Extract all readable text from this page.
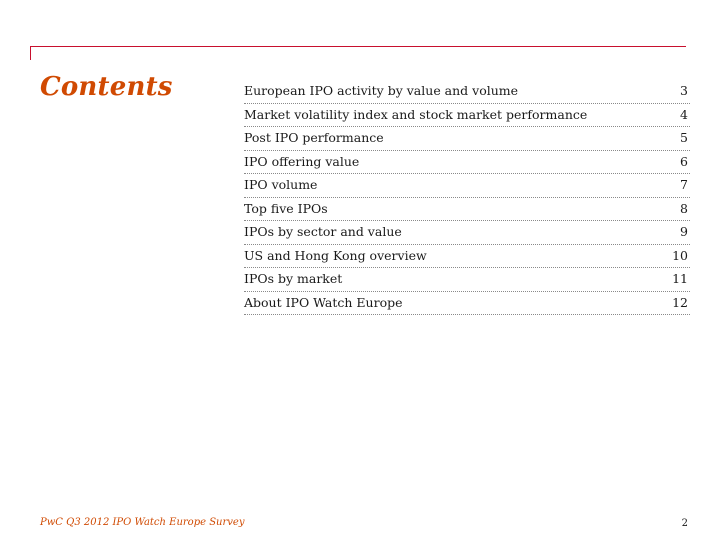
Contents	European IPO activity by value and volume	3
Market volatility index and stock market performance	4
Post IPO performance	5
IPO offering value	6
IPO volume	7
Top five IPOs	8
IPOs by sector and value	9
US and Hong Kong overview	10
IPOs by market	11
About IPO Watch Europe	12
PwC Q3 2012 IPO Watch Europe Survey	2
